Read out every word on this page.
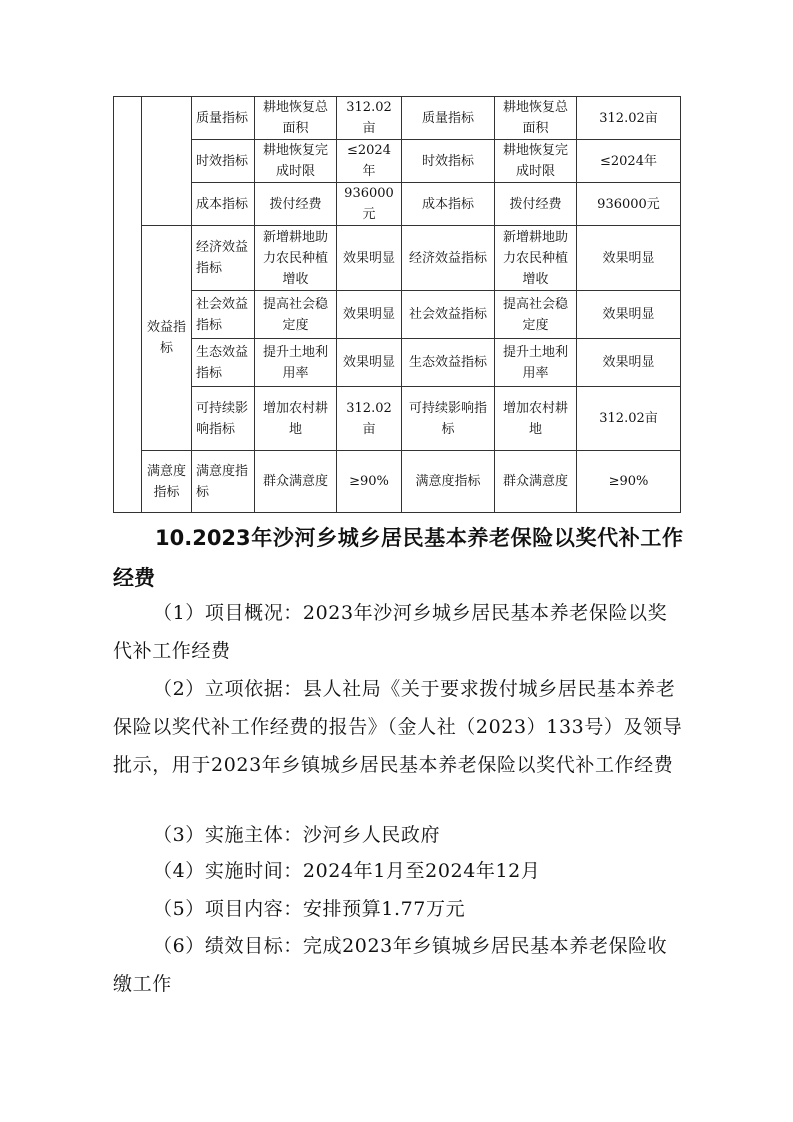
		质量指标	耕地恢复总面积	312.02亩	质量指标	耕地恢复总面积	312.02亩
		时效指标	耕地恢复完成时限	≤2024年	时效指标	耕地恢复完成时限	≤2024年
		成本指标	拨付经费	936000元	成本指标	拨付经费	936000元
	效益指标	经济效益指标	新增耕地助力农民种植增收	效果明显	经济效益指标	新增耕地助力农民种植增收	效果明显
		社会效益指标	提高社会稳定度	效果明显	社会效益指标	提高社会稳定度	效果明显
		生态效益指标	提升土地利用率	效果明显	生态效益指标	提升土地利用率	效果明显
		可持续影响指标	增加农村耕地	312.02亩	可持续影响指标	增加农村耕地	312.02亩
	满意度指标	满意度指标	群众满意度	≥90%	满意度指标	群众满意度	≥90%
10.2023年沙河乡城乡居民基本养老保险以奖代补工作经费
（1）项目概况：2023年沙河乡城乡居民基本养老保险以奖代补工作经费
（2）立项依据：县人社局《关于要求拨付城乡居民基本养老保险以奖代补工作经费的报告》（金人社（2023）133号）及领导批示，用于2023年乡镇城乡居民基本养老保险以奖代补工作经费
（3）实施主体：沙河乡人民政府
（4）实施时间：2024年1月至2024年12月
（5）项目内容：安排预算1.77万元
（6）绩效目标：完成2023年乡镇城乡居民基本养老保险收缴工作
